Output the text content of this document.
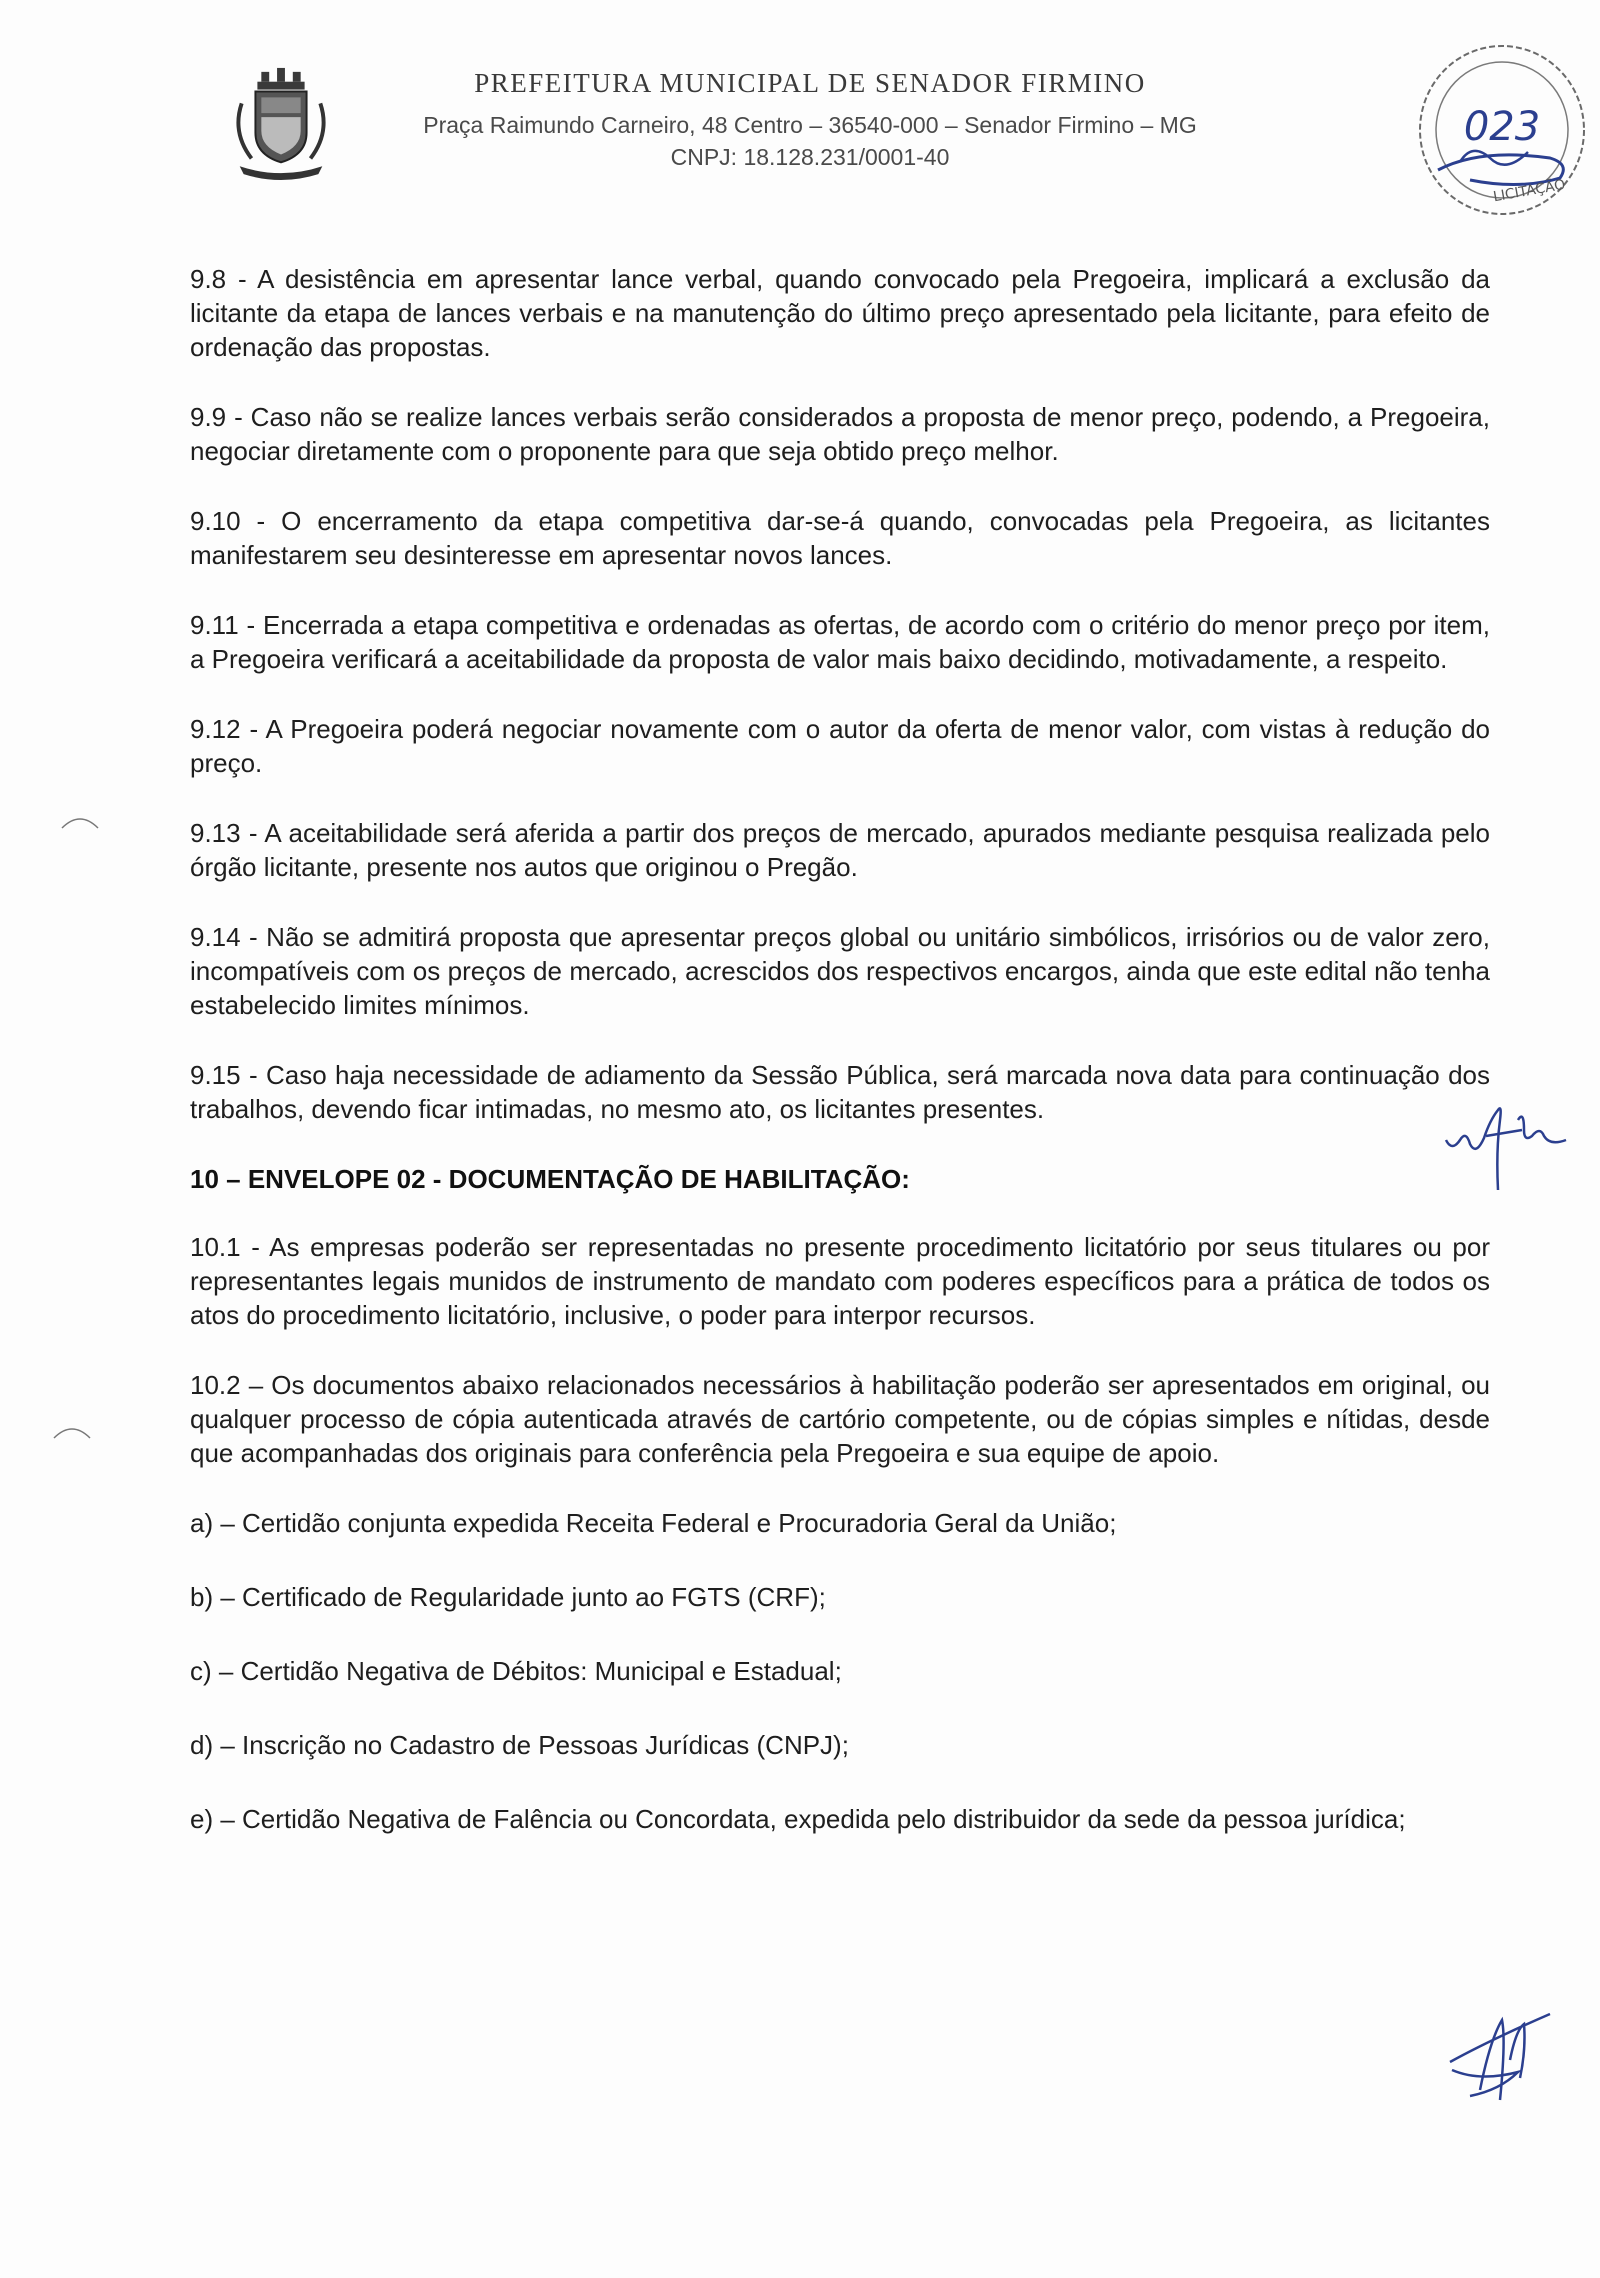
PREFEITURA MUNICIPAL DE SENADOR FIRMINO
Praça Raimundo Carneiro, 48 Centro – 36540-000 – Senador Firmino – MG
CNPJ: 18.128.231/0001-40
023
LICITAÇÃO

9.8 - A desistência em apresentar lance verbal, quando convocado pela Pregoeira, implicará a exclusão da licitante da etapa de lances verbais e na manutenção do último preço apresentado pela licitante, para efeito de ordenação das propostas.

9.9 - Caso não se realize lances verbais serão considerados a proposta de menor preço, podendo, a Pregoeira, negociar diretamente com o proponente para que seja obtido preço melhor.

9.10 - O encerramento da etapa competitiva dar-se-á quando, convocadas pela Pregoeira, as licitantes manifestarem seu desinteresse em apresentar novos lances.

9.11 - Encerrada a etapa competitiva e ordenadas as ofertas, de acordo com o critério do menor preço por item, a Pregoeira verificará a aceitabilidade da proposta de valor mais baixo decidindo, motivadamente, a respeito.

9.12 - A Pregoeira poderá negociar novamente com o autor da oferta de menor valor, com vistas à redução do preço.

9.13 - A aceitabilidade será aferida a partir dos preços de mercado, apurados mediante pesquisa realizada pelo órgão licitante, presente nos autos que originou o Pregão.

9.14 - Não se admitirá proposta que apresentar preços global ou unitário simbólicos, irrisórios ou de valor zero, incompatíveis com os preços de mercado, acrescidos dos respectivos encargos, ainda que este edital não tenha estabelecido limites mínimos.

9.15 - Caso haja necessidade de adiamento da Sessão Pública, será marcada nova data para continuação dos trabalhos, devendo ficar intimadas, no mesmo ato, os licitantes presentes.

10 – ENVELOPE 02 - DOCUMENTAÇÃO DE HABILITAÇÃO:

10.1 - As empresas poderão ser representadas no presente procedimento licitatório por seus titulares ou por representantes legais munidos de instrumento de mandato com poderes específicos para a prática de todos os atos do procedimento licitatório, inclusive, o poder para interpor recursos.

10.2 – Os documentos abaixo relacionados necessários à habilitação poderão ser apresentados em original, ou qualquer processo de cópia autenticada através de cartório competente, ou de cópias simples e nítidas, desde que acompanhadas dos originais para conferência pela Pregoeira e sua equipe de apoio.

a) – Certidão conjunta expedida Receita Federal e Procuradoria Geral da União;

b) – Certificado de Regularidade junto ao FGTS (CRF);

c) – Certidão Negativa de Débitos: Municipal e Estadual;

d) – Inscrição no Cadastro de Pessoas Jurídicas (CNPJ);

e) – Certidão Negativa de Falência ou Concordata, expedida pelo distribuidor da sede da pessoa jurídica;
